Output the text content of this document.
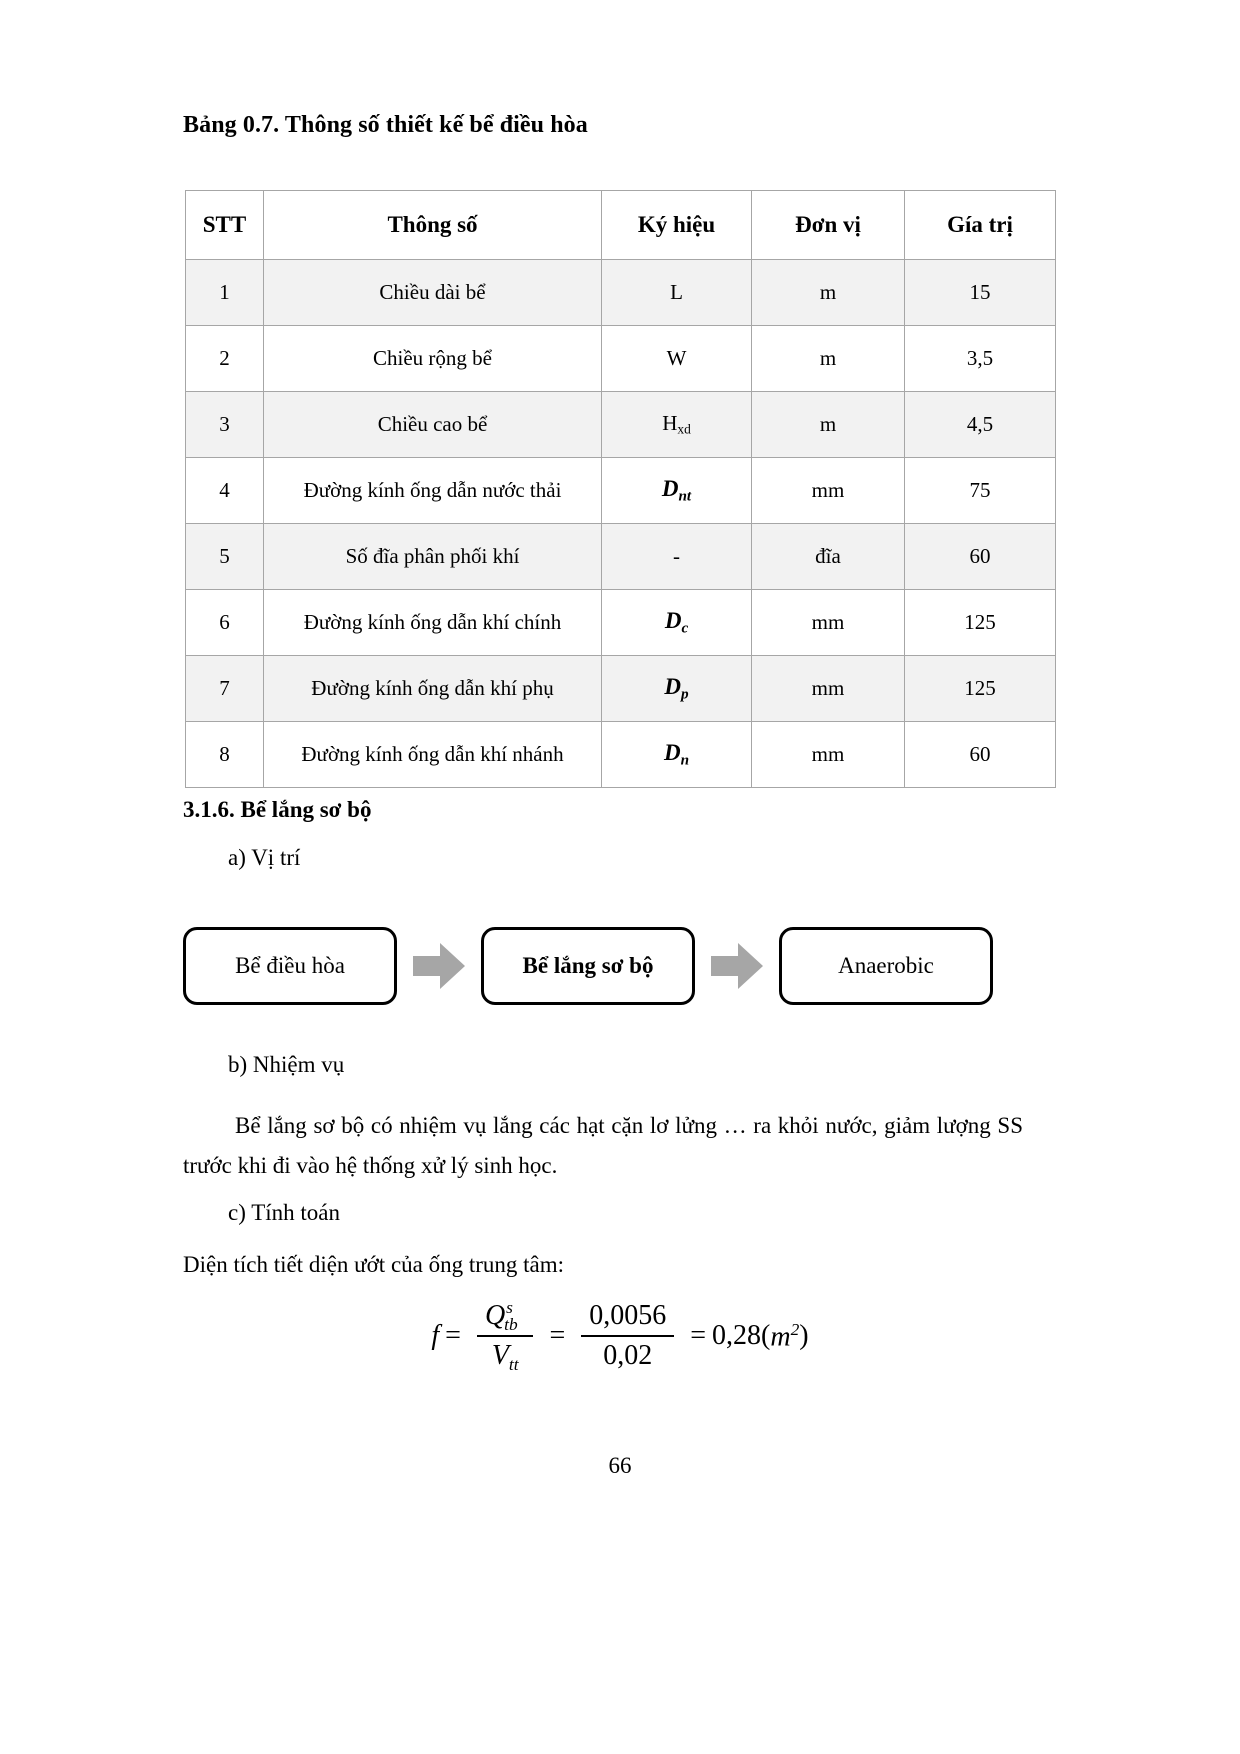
Bảng 0.7. Thông số thiết kế bể điều hòa
STT	Thông số	Ký hiệu	Đơn vị	Gía trị
1	Chiều dài bể	L	m	15
2	Chiều rộng bể	W	m	3,5
3	Chiều cao bể	$H_{xd}$	m	4,5
4	Đường kính ống dẫn nước thải	$D_{nt}$	mm	75
5	Số đĩa phân phối khí	-	đĩa	60
6	Đường kính ống dẫn khí chính	$D_c$	mm	125
7	Đường kính ống dẫn khí phụ	$D_p$	mm	125
8	Đường kính ống dẫn khí nhánh	$D_n$	mm	60
3.1.6. Bể lắng sơ bộ
a) Vị trí
Bể điều hòa	Bể lắng sơ bộ	Anaerobic
b) Nhiệm vụ
Bể lắng sơ bộ có nhiệm vụ lắng các hạt cặn lơ lửng … ra khỏi nước, giảm lượng SS trước khi đi vào hệ thống xử lý sinh học.
c) Tính toán
Diện tích tiết diện ướt của ống trung tâm:
$f = \frac{Q^s_{tb}}{V_{tt}} = \frac{0,0056}{0,02} = 0,28$( $m^2$ )
66
